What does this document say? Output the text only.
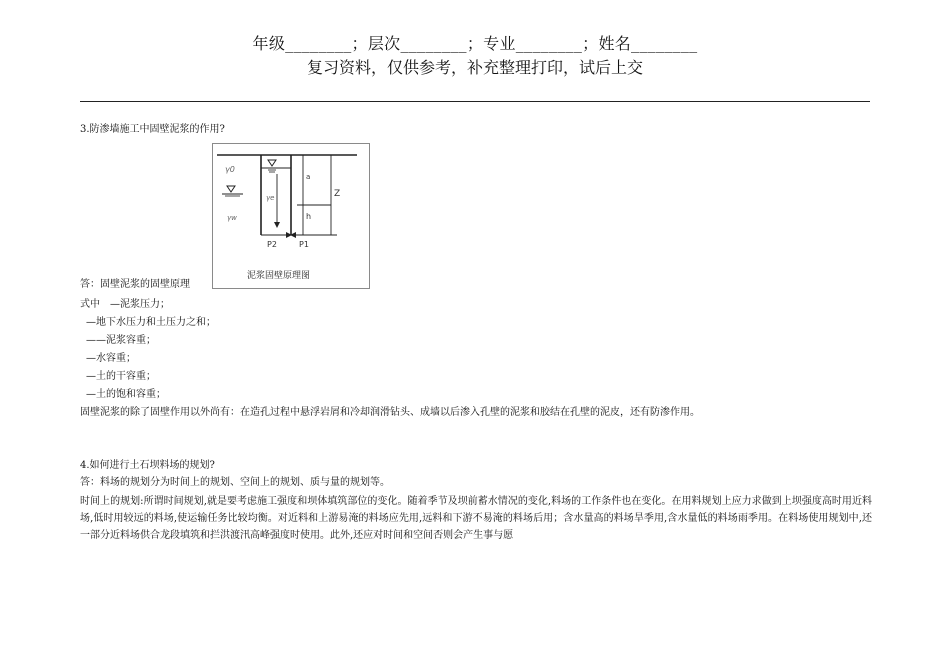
年级________；层次________；专业________；姓名________
复习资料，仅供参考，补充整理打印，试后上交
3.防渗墙施工中固壁泥浆的作用?
γ0
γe
γw
a
h
Z
P2	P1
泥浆固壁原理图
答：固壁泥浆的固壁原理
式中　—泥浆压力；
—地下水压力和土压力之和；
——泥浆容重；
—水容重；
—土的干容重；
—土的饱和容重；
固壁泥浆的除了固壁作用以外尚有：在造孔过程中悬浮岩屑和冷却润滑钻头、成墙以后渗入孔壁的泥浆和胶结在孔壁的泥皮，还有防渗作用。
4.如何进行土石坝料场的规划?
答：料场的规划分为时间上的规划、空间上的规划、质与量的规划等。
时间上的规划:所谓时间规划,就是要考虑施工强度和坝体填筑部位的变化。随着季节及坝前蓄水情况的变化,料场的工作条件也在变化。在用料规划上应力求做到上坝强度高时用近料场,低时用较远的料场,使运输任务比较均衡。对近料和上游易淹的料场应先用,远料和下游不易淹的料场后用；含水量高的料场旱季用,含水量低的料场雨季用。在料场使用规划中,还一部分近料场供合龙段填筑和拦洪渡汛高峰强度时使用。此外,还应对时间和空间否则会产生事与愿
